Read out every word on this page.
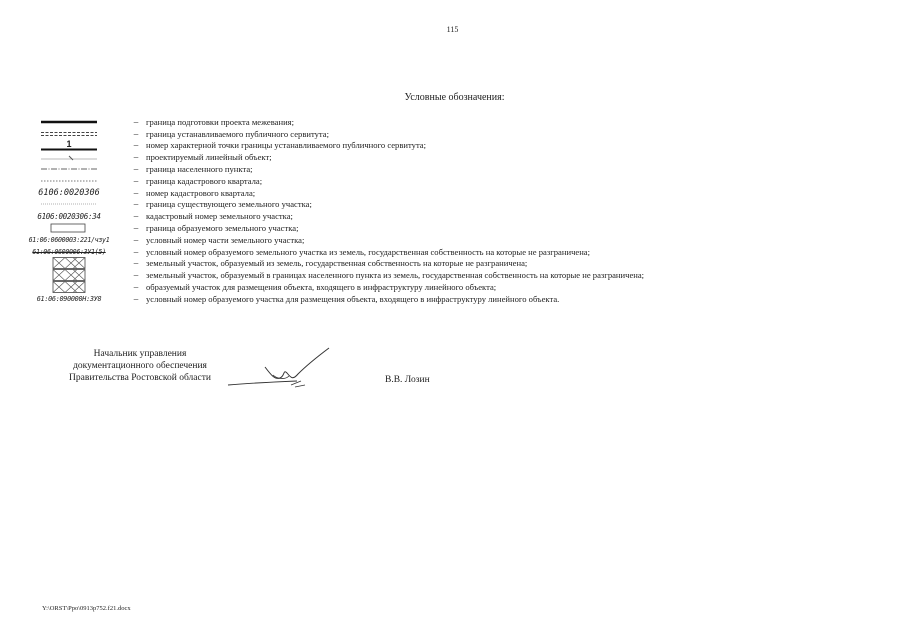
115
Условные обозначения:
– граница подготовки проекта межевания;
– граница устанавливаемого публичного сервитута;
1	– номер характерной точки границы устанавливаемого публичного сервитута;
– проектируемый линейный объект;
– граница населенного пункта;
– граница кадастрового квартала;
6106:0020306	– номер кадастрового квартала;
– граница существующего земельного участка;
6106:0020306:34	– кадастровый номер земельного участка;
– граница образуемого земельного участка;
61:06:0600003:221/чзу1	– условный номер части земельного участка;
61:06:0600006:ЗУ1(5)	– условный номер образуемого земельного участка из земель, государственная собственность на которые не разграничена;
– земельный участок, образуемый из земель, государственная собственность на которые не разграничена;
– земельный участок, образуемый в границах населенного пункта из земель, государственная собственность на которые не разграничена;
– образуемый участок для размещения объекта, входящего в инфраструктуру линейного объекта;
61:06:090000Н:ЗУ8	– условный номер образуемого участка для размещения объекта, входящего в инфраструктуру линейного объекта.
Начальник управления
документационного обеспечения
Правительства Ростовской области	В.В. Лозин
Y:\ORST\Ppo\0913p752.f21.docx
